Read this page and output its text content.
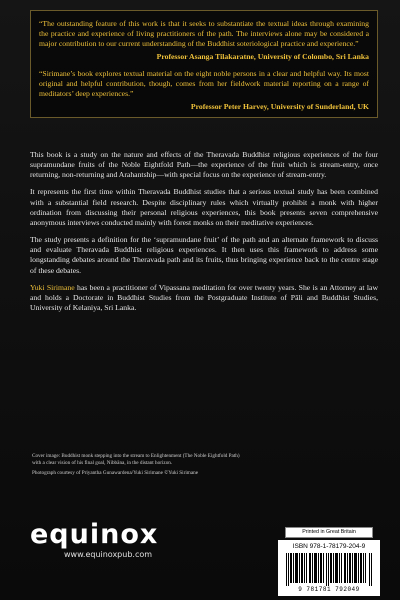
“The outstanding feature of this work is that it seeks to substantiate the textual ideas through examining the practice and experience of living practitioners of the path. The interviews alone may be considered a major contribution to our current understanding of the Buddhist soteriological practice and experience.”

Professor Asanga Tilakaratne, University of Colombo, Sri Lanka

“Sirimane’s book explores textual material on the eight noble persons in a clear and helpful way. Its most original and helpful contribution, though, comes from her fieldwork material reporting on a range of meditators’ deep experiences.”

Professor Peter Harvey, University of Sunderland, UK

This book is a study on the nature and effects of the Theravada Buddhist religious experiences of the four supramundane fruits of the Noble Eightfold Path—the experience of the fruit which is stream-entry, once returning, non-returning and Arahantship—with special focus on the experience of stream-entry.

It represents the first time within Theravada Buddhist studies that a serious textual study has been combined with a substantial field research. Despite disciplinary rules which virtually prohibit a monk with higher ordination from discussing their personal religious experiences, this book presents seven comprehensive anonymous interviews conducted mainly with forest monks on their meditative experiences.

The study presents a definition for the ‘supramundane fruit’ of the path and an alternate framework to discuss and evaluate Theravada Buddhist religious experiences. It then uses this framework to address some longstanding debates around the Theravada path and its fruits, thus bringing experience back to the centre stage of these debates.

Yuki Sirimane has been a practitioner of Vipassana meditation for over twenty years. She is an Attorney at law and holds a Doctorate in Buddhist Studies from the Postgraduate Institute of Pāli and Buddhist Studies, University of Kelaniya, Sri Lanka.

Cover image: Buddhist monk stepping into the stream to Enlightenment (The Noble Eightfold Path) with a clear vision of his final goal, Nibbāna, in the distant horizon.

Photograph courtesy of Priyantha Gunawardena/Yuki Sirimane ©Yuki Sirimane

equinox
www.equinoxpub.com
Printed in Great Britain
ISBN 978-1-78179-204-9
9 781781 792049
